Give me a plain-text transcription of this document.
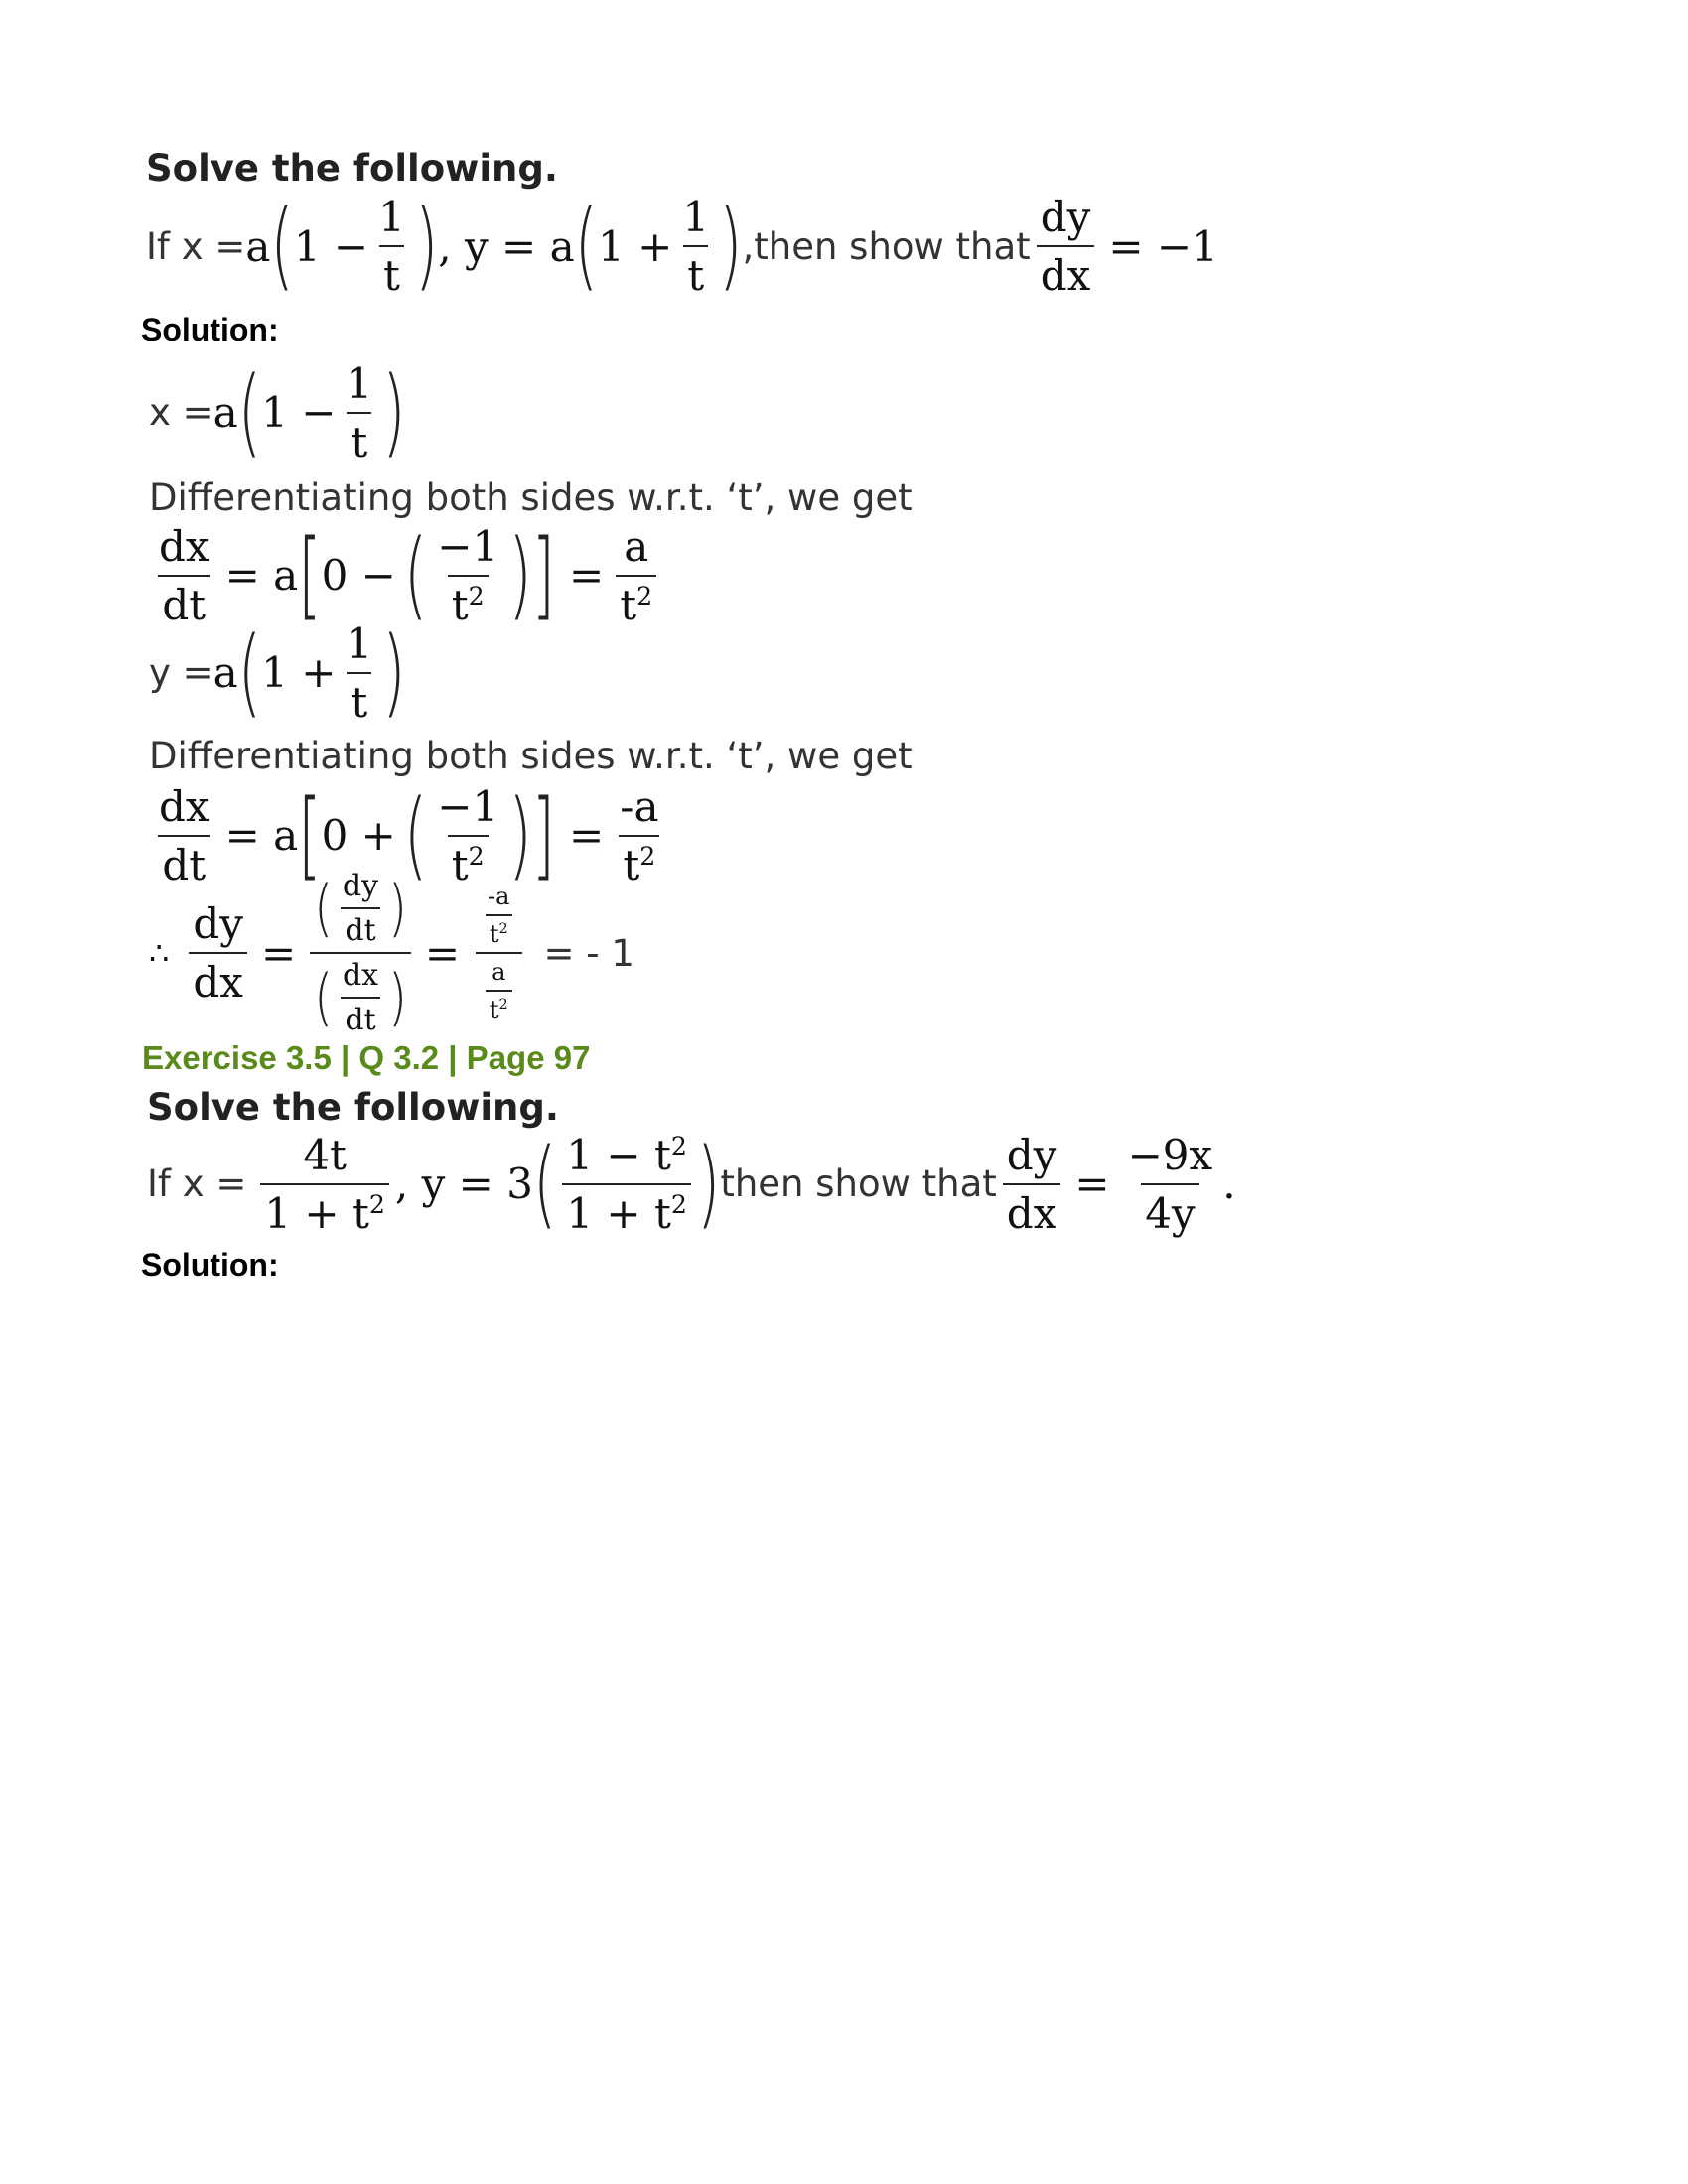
Solve the following.
If x = a ( $1 - \frac{1}{t}$ ) , y = a ( $1 + \frac{1}{t}$ ) , then show that $\frac{dy}{dx} = -1$
Solution:
x = a ( $1 - \frac{1}{t}$ )
Differentiating both sides w.r.t. ‘t’, we get
$\frac{dx}{dt} = a$ [ 0 − ( $\frac{-1}{t^2}$ ) ] = $\frac{a}{t^2}$
y = a ( $1 + \frac{1}{t}$ )
Differentiating both sides w.r.t. ‘t’, we get
$\frac{dx}{dt} = a$ [ 0 + ( $\frac{-1}{t^2}$ ) ] = $\frac{-a}{t^2}$
∴ $\frac{dy}{dx} = \frac{( \frac{dy}{dt} )}{( \frac{dx}{dt} )} = \frac{\frac{-a}{t^2}}{\frac{a}{t^2}}$ = - 1
Exercise 3.5 | Q 3.2 | Page 97
Solve the following.
If $x = \frac{4t}{1 + t^2}$ , y = 3 ( $\frac{1 - t^2}{1 + t^2}$ ) then show that $\frac{dy}{dx} = \frac{-9x}{4y}$ .
Solution:
